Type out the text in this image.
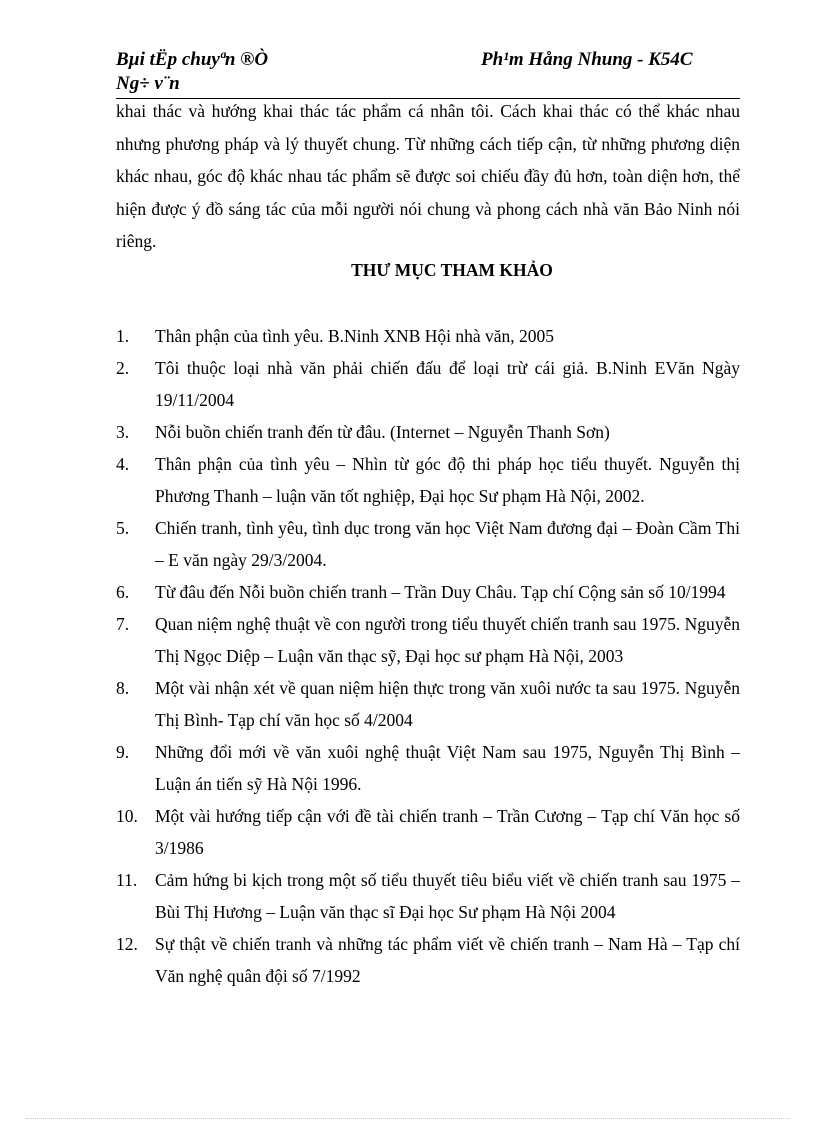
Bµi tËp chuyªn ®Ò
Ng÷ v¨n
Ph¹m Hång Nhung - K54C

khai thác và hướng khai thác tác phẩm cá nhân tôi. Cách khai thác có thể khác nhau nhưng phương pháp và lý thuyết chung. Từ những cách tiếp cận, từ những phương diện khác nhau, góc độ khác nhau tác phẩm sẽ được soi chiếu đầy đủ hơn, toàn diện hơn, thể hiện được ý đồ sáng tác của mỗi người nói chung và phong cách nhà văn Bảo Ninh nói riêng.

THƯ MỤC THAM KHẢO
1. Thân phận của tình yêu. B.Ninh XNB Hội nhà văn, 2005
2. Tôi thuộc loại nhà văn phải chiến đấu để loại trừ cái giả. B.Ninh EVăn Ngày 19/11/2004
3. Nỗi buồn chiến tranh đến từ đâu. (Internet – Nguyễn Thanh Sơn)
4. Thân phận của tình yêu – Nhìn từ góc độ thi pháp học tiểu thuyết. Nguyễn thị Phương Thanh – luận văn tốt nghiệp, Đại học Sư phạm Hà Nội, 2002.
5. Chiến tranh, tình yêu, tình dục trong văn học Việt Nam đương đại – Đoàn Cầm Thi – E văn ngày 29/3/2004.
6. Từ đâu đến Nỗi buồn chiến tranh – Trần Duy Châu. Tạp chí Cộng sản số 10/1994
7. Quan niệm nghệ thuật về con người trong tiểu thuyết chiến tranh sau 1975. Nguyễn Thị Ngọc Diệp – Luận văn thạc sỹ, Đại học sư phạm Hà Nội, 2003
8. Một vài nhận xét về quan niệm hiện thực trong văn xuôi nước ta sau 1975. Nguyễn Thị Bình- Tạp chí văn học số 4/2004
9. Những đổi mới về văn xuôi nghệ thuật Việt Nam sau 1975, Nguyễn Thị Bình – Luận án tiến sỹ Hà Nội 1996.
10. Một vài hướng tiếp cận với đề tài chiến tranh – Trần Cương – Tạp chí Văn học số 3/1986
11. Cảm hứng bi kịch trong một số tiểu thuyết tiêu biểu viết về chiến tranh sau 1975 – Bùi Thị Hương – Luận văn thạc sĩ Đại học Sư phạm Hà Nội 2004
12. Sự thật về chiến tranh và những tác phẩm viết về chiến tranh – Nam Hà – Tạp chí Văn nghệ quân đội số 7/1992
